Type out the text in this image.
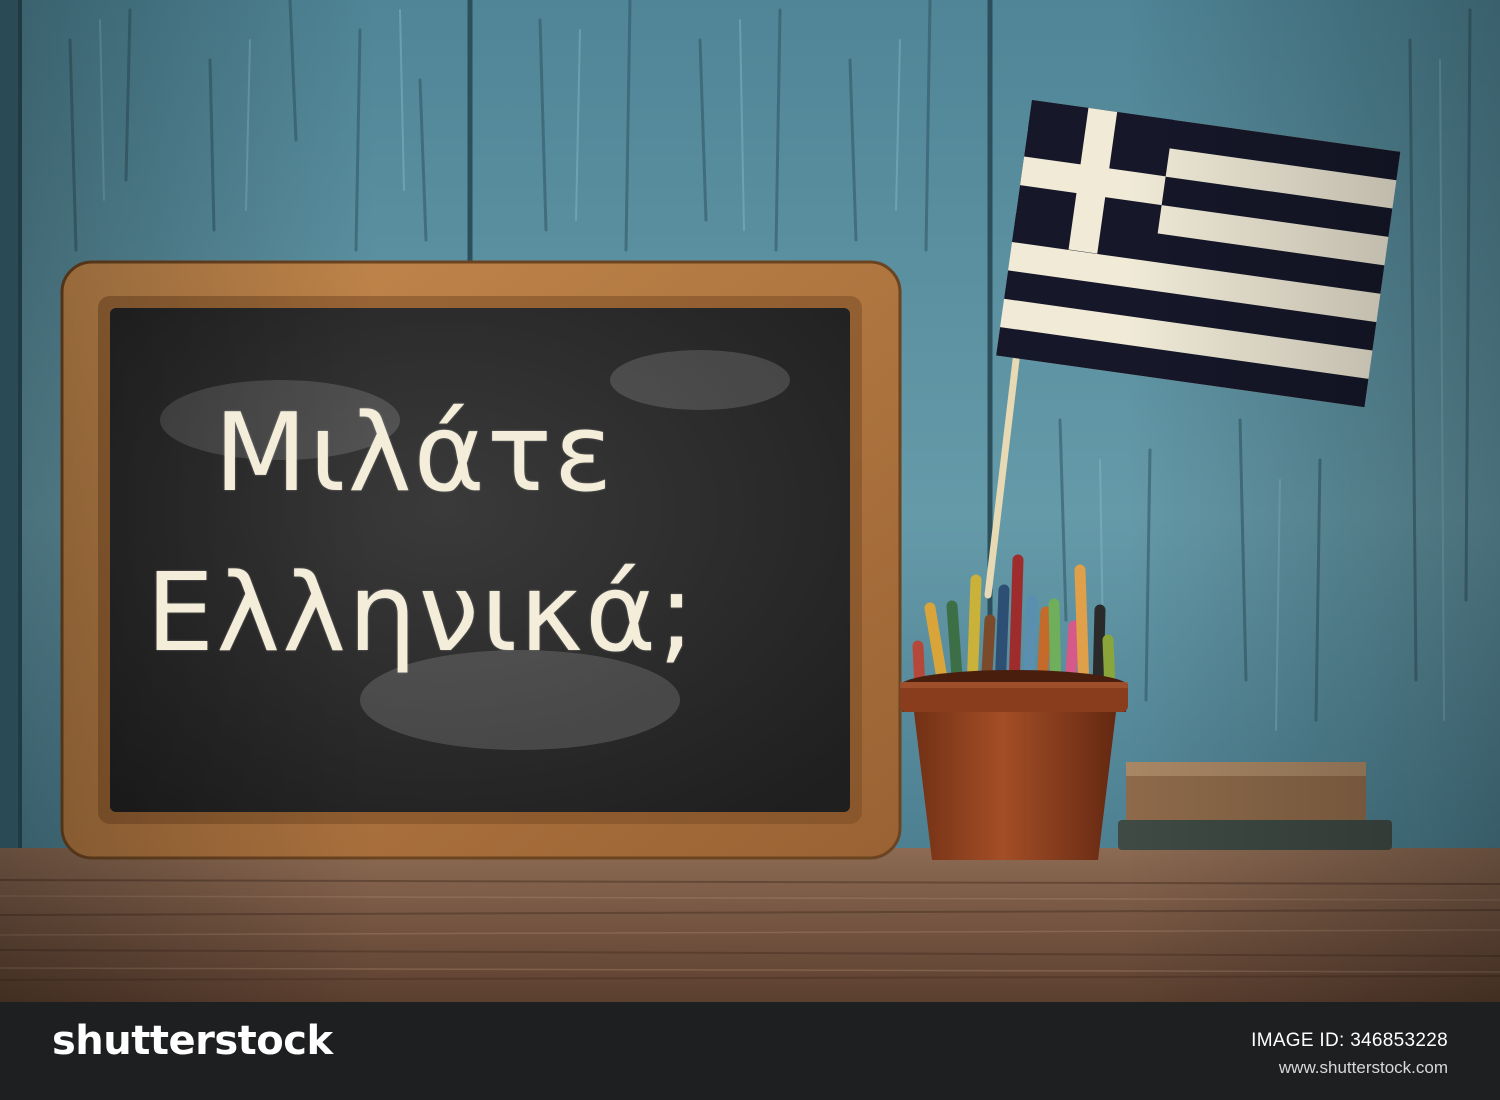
Μιλάτε
Ελληνικά;
shutterstock	IMAGE ID: 346853228
www.shutterstock.com
